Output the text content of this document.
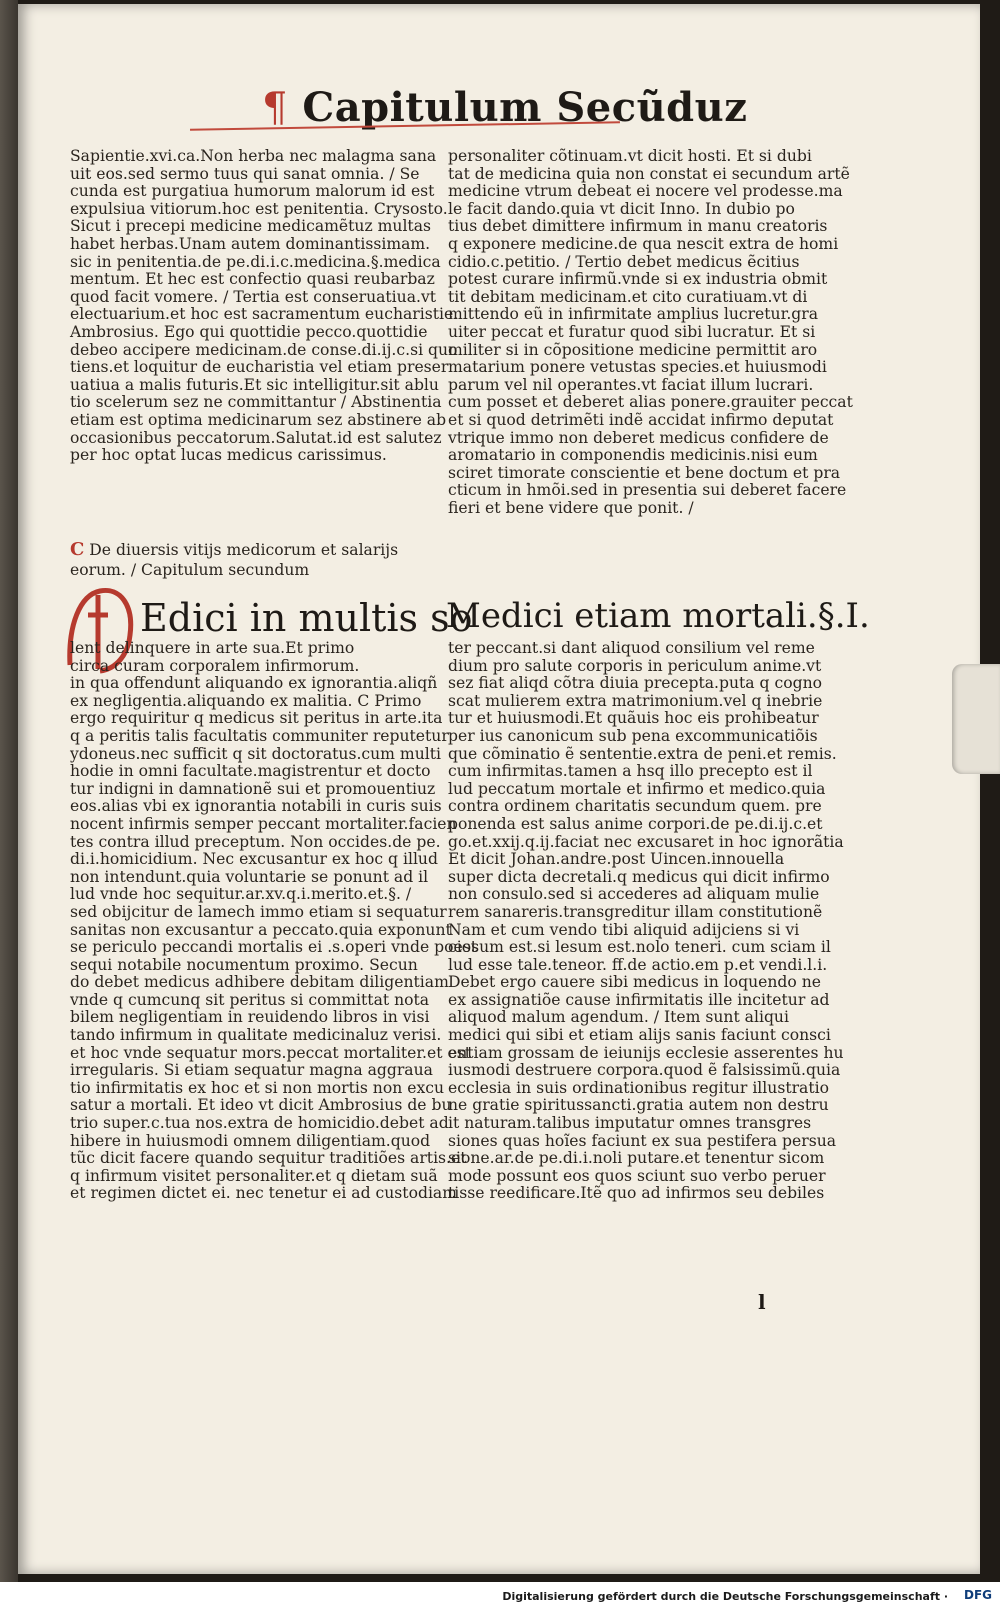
¶ Capitulum Secũduz
Sapientie.xvi.ca.Non herba nec malagma sana
uit eos.sed sermo tuus qui sanat omnia. / Se
cunda est purgatiua humorum malorum id est
expulsiua vitiorum.hoc est penitentia. Crysosto.
Sicut i precepi medicine medicamẽtuz multas
habet herbas.Unam autem dominantissimam.
sic in penitentia.de pe.di.i.c.medicina.§.medica
mentum. Et hec est confectio quasi reubarbaz
quod facit vomere. / Tertia est conseruatiua.vt
electuarium.et hoc est sacramentum eucharistie.
Ambrosius. Ego qui quottidie pecco.quottidie
debeo accipere medicinam.de conse.di.ij.c.si quo
tiens.et loquitur de eucharistia vel etiam preser
uatiua a malis futuris.Et sic intelligitur.sit ablu
tio scelerum sez ne committantur / Abstinentia
etiam est optima medicinarum sez abstinere ab
occasionibus peccatorum.Salutat.id est salutez
per hoc optat lucas medicus carissimus.
C De diuersis vitijs medicorum et salarijs
eorum. / Capitulum secundum
Edici in multis so
lent delinquere in arte sua.Et primo
circa curam corporalem infirmorum.
in qua offendunt aliquando ex ignorantia.aliqñ
ex negligentia.aliquando ex malitia. C Primo
ergo requiritur q medicus sit peritus in arte.ita
q a peritis talis facultatis communiter reputetur
ydoneus.nec sufficit q sit doctoratus.cum multi
hodie in omni facultate.magistrentur et docto
tur indigni in damnationẽ sui et promouentiuz
eos.alias vbi ex ignorantia notabili in curis suis
nocent infirmis semper peccant mortaliter.facien
tes contra illud preceptum. Non occides.de pe.
di.i.homicidium. Nec excusantur ex hoc q illud
non intendunt.quia voluntarie se ponunt ad il
lud vnde hoc sequitur.ar.xv.q.i.merito.et.§. /
sed obijcitur de lamech immo etiam si sequatur
sanitas non excusantur a peccato.quia exponunt
se periculo peccandi mortalis ei .s.operi vnde poest
sequi notabile nocumentum proximo. Secun
do debet medicus adhibere debitam diligentiam
vnde q cumcunq sit peritus si committat nota
bilem negligentiam in reuidendo libros in visi
tando infirmum in qualitate medicinaluz verisi.
et hoc vnde sequatur mors.peccat mortaliter.et est
irregularis. Si etiam sequatur magna aggraua
tio infirmitatis ex hoc et si non mortis non excu
satur a mortali. Et ideo vt dicit Ambrosius de bu
trio super.c.tua nos.extra de homicidio.debet ad
hibere in huiusmodi omnem diligentiam.quod
tũc dicit facere quando sequitur traditiões artis.et
q infirmum visitet personaliter.et q dietam suã
et regimen dictet ei. nec tenetur ei ad custodiam
personaliter cõtinuam.vt dicit hosti. Et si dubi
tat de medicina quia non constat ei secundum artẽ
medicine vtrum debeat ei nocere vel prodesse.ma
le facit dando.quia vt dicit Inno. In dubio po
tius debet dimittere infirmum in manu creatoris
q exponere medicine.de qua nescit extra de homi
cidio.c.petitio. / Tertio debet medicus ẽcitius
potest curare infirmũ.vnde si ex industria obmit
tit debitam medicinam.et cito curatiuam.vt di
mittendo eũ in infirmitate amplius lucretur.gra
uiter peccat et furatur quod sibi lucratur. Et si
militer si in cõpositione medicine permittit aro
matarium ponere vetustas species.et huiusmodi
parum vel nil operantes.vt faciat illum lucrari.
cum posset et deberet alias ponere.grauiter peccat
et si quod detrimẽti indẽ accidat infirmo deputat
vtrique immo non deberet medicus confidere de
aromatario in componendis medicinis.nisi eum
sciret timorate conscientie et bene doctum et pra
cticum in hmõi.sed in presentia sui deberet facere
fieri et bene videre que ponit. /
Medici etiam mortali.§.I.
ter peccant.si dant aliquod consilium vel reme
dium pro salute corporis in periculum anime.vt
sez fiat aliqd cõtra diuia precepta.puta q cogno
scat mulierem extra matrimonium.vel q inebrie
tur et huiusmodi.Et quãuis hoc eis prohibeatur
per ius canonicum sub pena excommunicatiõis
que cõminatio ẽ sententie.extra de peni.et remis.
cum infirmitas.tamen a hsq illo precepto est il
lud peccatum mortale et infirmo et medico.quia
contra ordinem charitatis secundum quem. pre
ponenda est salus anime corpori.de pe.di.ij.c.et
go.et.xxij.q.ij.faciat nec excusaret in hoc ignorãtia
Et dicit Johan.andre.post Uincen.innouella
super dicta decretali.q medicus qui dicit infirmo
non consulo.sed si accederes ad aliquam mulie
rem sanareris.transgreditur illam constitutionẽ
Nam et cum vendo tibi aliquid adijciens si vi
ciosum est.si lesum est.nolo teneri. cum sciam il
lud esse tale.teneor. ff.de actio.em p.et vendi.l.i.
Debet ergo cauere sibi medicus in loquendo ne
ex assignatiõe cause infirmitatis ille incitetur ad
aliquod malum agendum. / Item sunt aliqui
medici qui sibi et etiam alijs sanis faciunt consci
entiam grossam de ieiunijs ecclesie asserentes hu
iusmodi destruere corpora.quod ẽ falsissimũ.quia
ecclesia in suis ordinationibus regitur illustratio
ne gratie spiritussancti.gratia autem non destru
it naturam.talibus imputatur omnes transgres
siones quas hoĩes faciunt ex sua pestifera persua
sione.ar.de pe.di.i.noli putare.et tenentur sicom
mode possunt eos quos sciunt suo verbo peruer
tisse reedificare.Itẽ quo ad infirmos seu debiles
l
Digitalisierung gefördert durch die Deutsche Forschungsgemeinschaft · DFG
